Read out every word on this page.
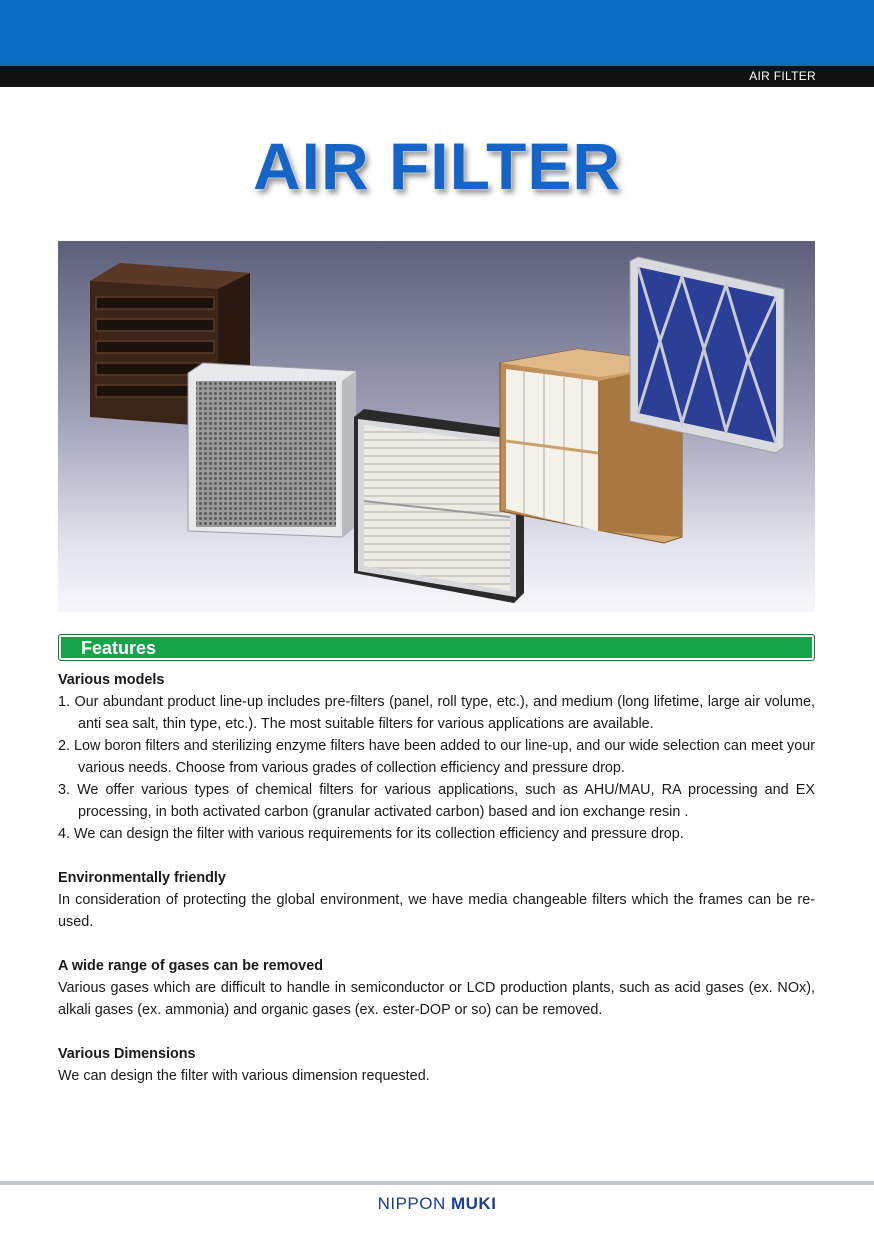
AIR FILTER
AIR FILTER
Features
Various models
1. Our abundant product line-up includes pre-filters (panel, roll type, etc.), and medium (long lifetime, large air volume, anti sea salt, thin type, etc.). The most suitable filters for various applications are available.
2. Low boron filters and sterilizing enzyme filters have been added to our line-up, and our wide selection can meet your various needs. Choose from various grades of collection efficiency and pressure drop.
3. We offer various types of chemical filters for various applications, such as AHU/MAU, RA processing and EX processing, in both activated carbon (granular activated carbon) based and ion exchange resin .
4. We can design the filter with various requirements for its collection efficiency and pressure drop.
Environmentally friendly

In consideration of protecting the global environment, we have media changeable filters which the frames can be re-used.

A wide range of gases can be removed

Various gases which are difficult to handle in semiconductor or LCD production plants, such as acid gases (ex. NOx), alkali gases (ex. ammonia) and organic gases (ex. ester-DOP or so) can be removed.

Various Dimensions

We can design the filter with various dimension requested.

NIPPON MUKI
